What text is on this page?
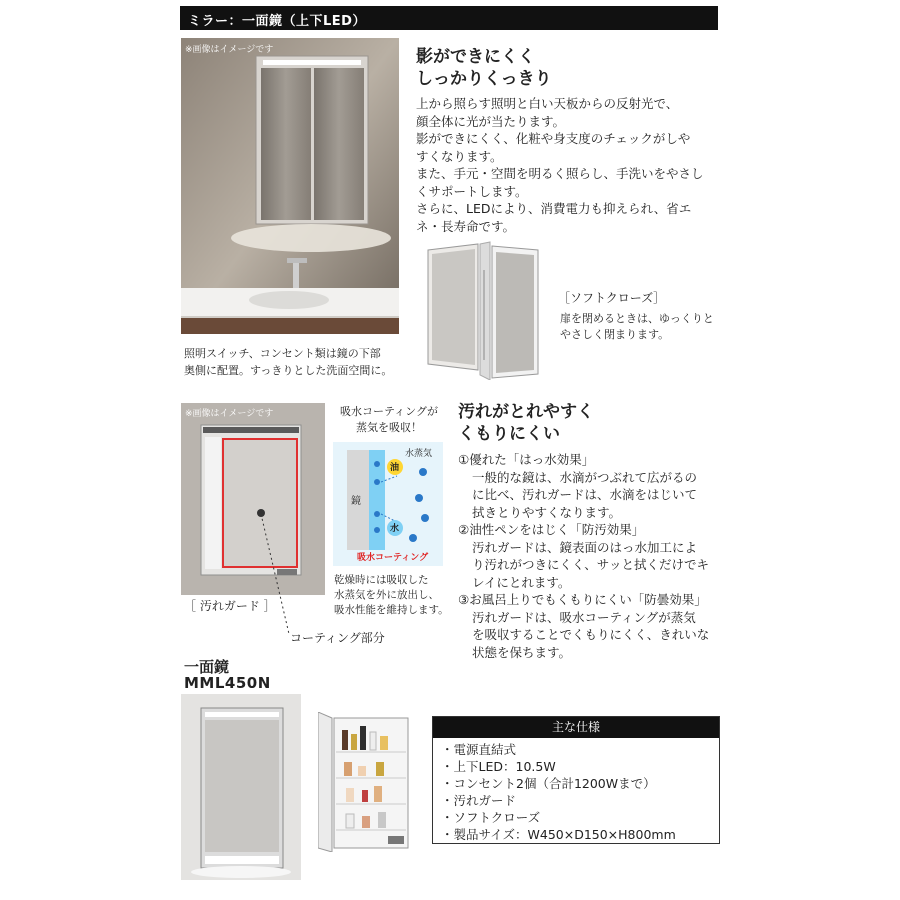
ミラー：一面鏡（上下LED）
※画像はイメージです	影ができにくく
しっかりくっきり
上から照らす照明と白い天板からの反射光で、
顔全体に光が当たります。
影ができにくく、化粧や身支度のチェックがしや
すくなります。
また、手元・空間を明るく照らし、手洗いをやさし
くサポートします。
さらに、LEDにより、消費電力も抑えられ、省エ
ネ・長寿命です。
照明スイッチ、コンセント類は鏡の下部
奥側に配置。すっきりとした洗面空間に。
［ソフトクローズ］
扉を閉めるときは、ゆっくりと
やさしく閉まります。
※画像はイメージです
［ 汚れガード ］
コーティング部分
吸水コーティングが
蒸気を吸収！
水蒸気
油
鏡
水
吸水コーティング
乾燥時には吸収した
水蒸気を外に放出し、
吸水性能を維持します。
汚れがとれやすく
くもりにくい
①優れた「はっ水効果」
一般的な鏡は、水滴がつぶれて広がるの
に比べ、汚れガードは、水滴をはじいて
拭きとりやすくなります。
②油性ペンをはじく「防汚効果」
汚れガードは、鏡表面のはっ水加工によ
り汚れがつきにくく、サッと拭くだけでキ
レイにとれます。
③お風呂上りでもくもりにくい「防曇効果」
汚れガードは、吸水コーティングが蒸気
を吸収することでくもりにくく、きれいな
状態を保ちます。
一面鏡
MML450N
主な仕様
・電源直結式
・上下LED：10.5W
・コンセント2個（合計1200Wまで）
・汚れガード
・ソフトクローズ
・製品サイズ：W450×D150×H800mm
